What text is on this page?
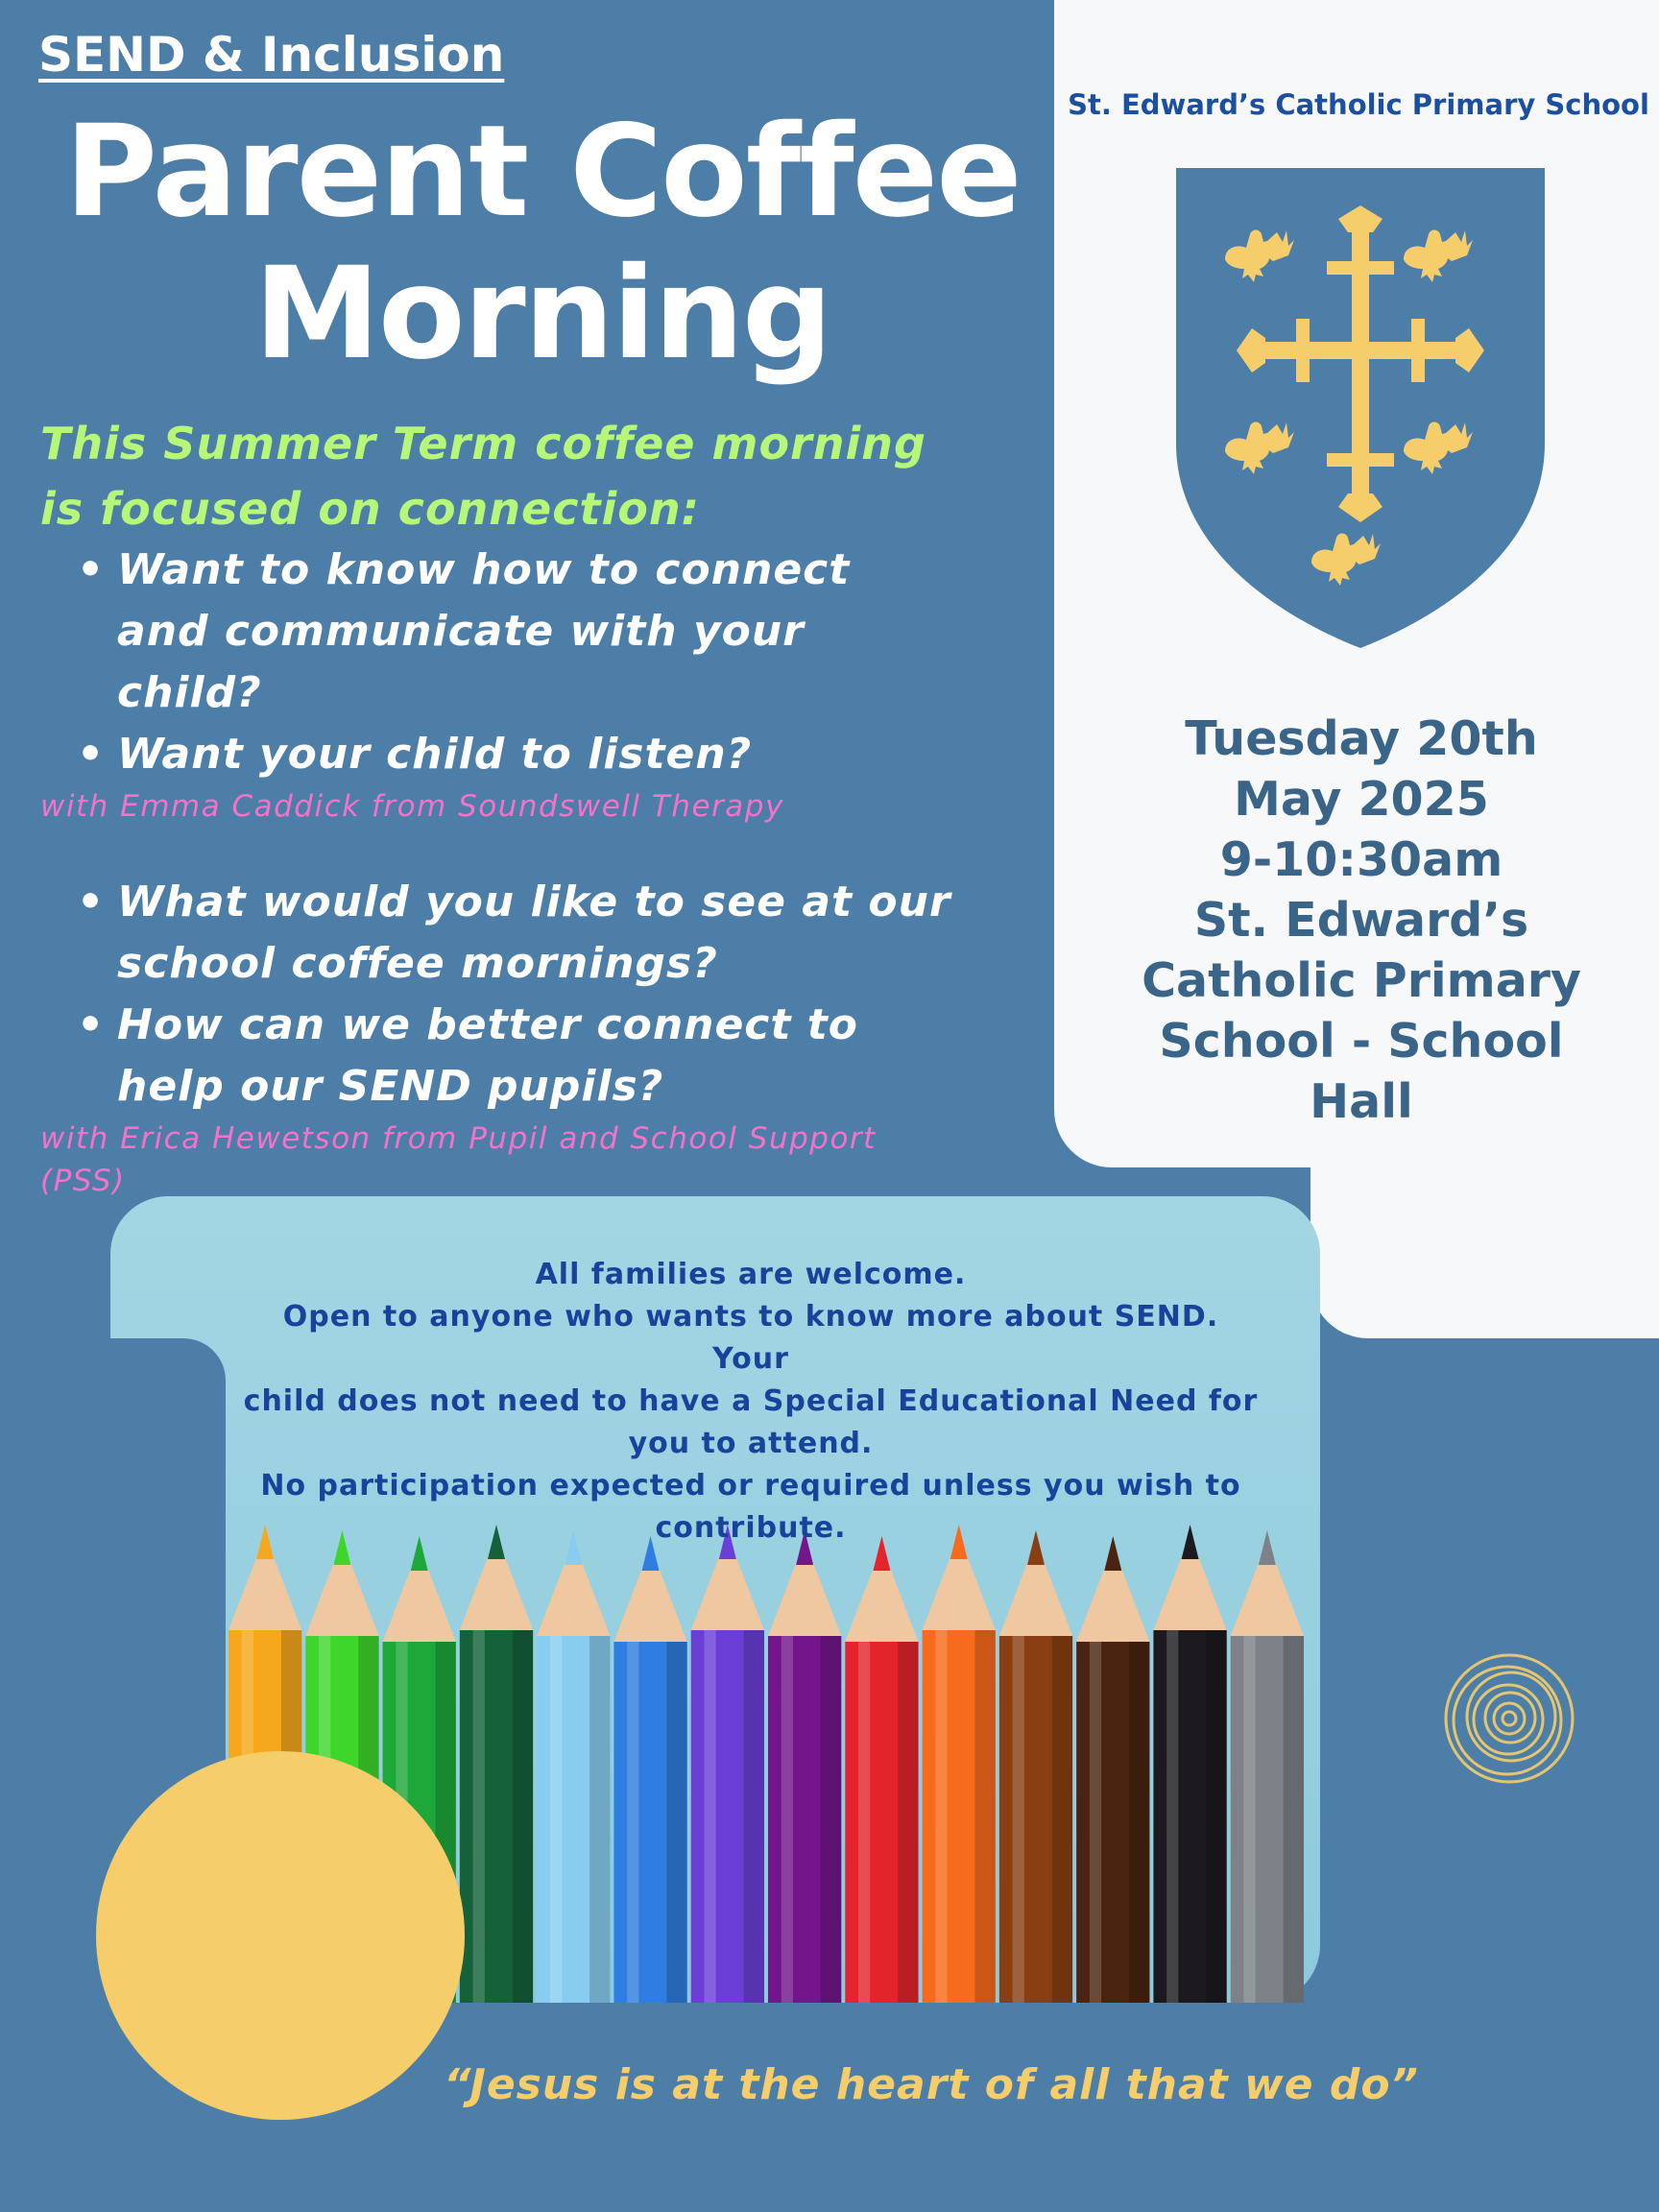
SEND & Inclusion
Parent Coffee
Morning
This Summer Term coffee morning
is focused on connection:
• Want to know how to connect
and communicate with your
child?
• Want your child to listen?
with Emma Caddick from Soundswell Therapy
• What would you like to see at our
school coffee mornings?
• How can we better connect to
help our SEND pupils?
with Erica Hewetson from Pupil and School Support
(PSS)
St. Edward’s Catholic Primary School
Tuesday 20th
May 2025
9-10:30am
St. Edward’s
Catholic Primary
School - School
Hall
All families are welcome.
Open to anyone who wants to know more about SEND. Your
child does not need to have a Special Educational Need for
you to attend.
No participation expected or required unless you wish to
contribute.
“Jesus is at the heart of all that we do”
